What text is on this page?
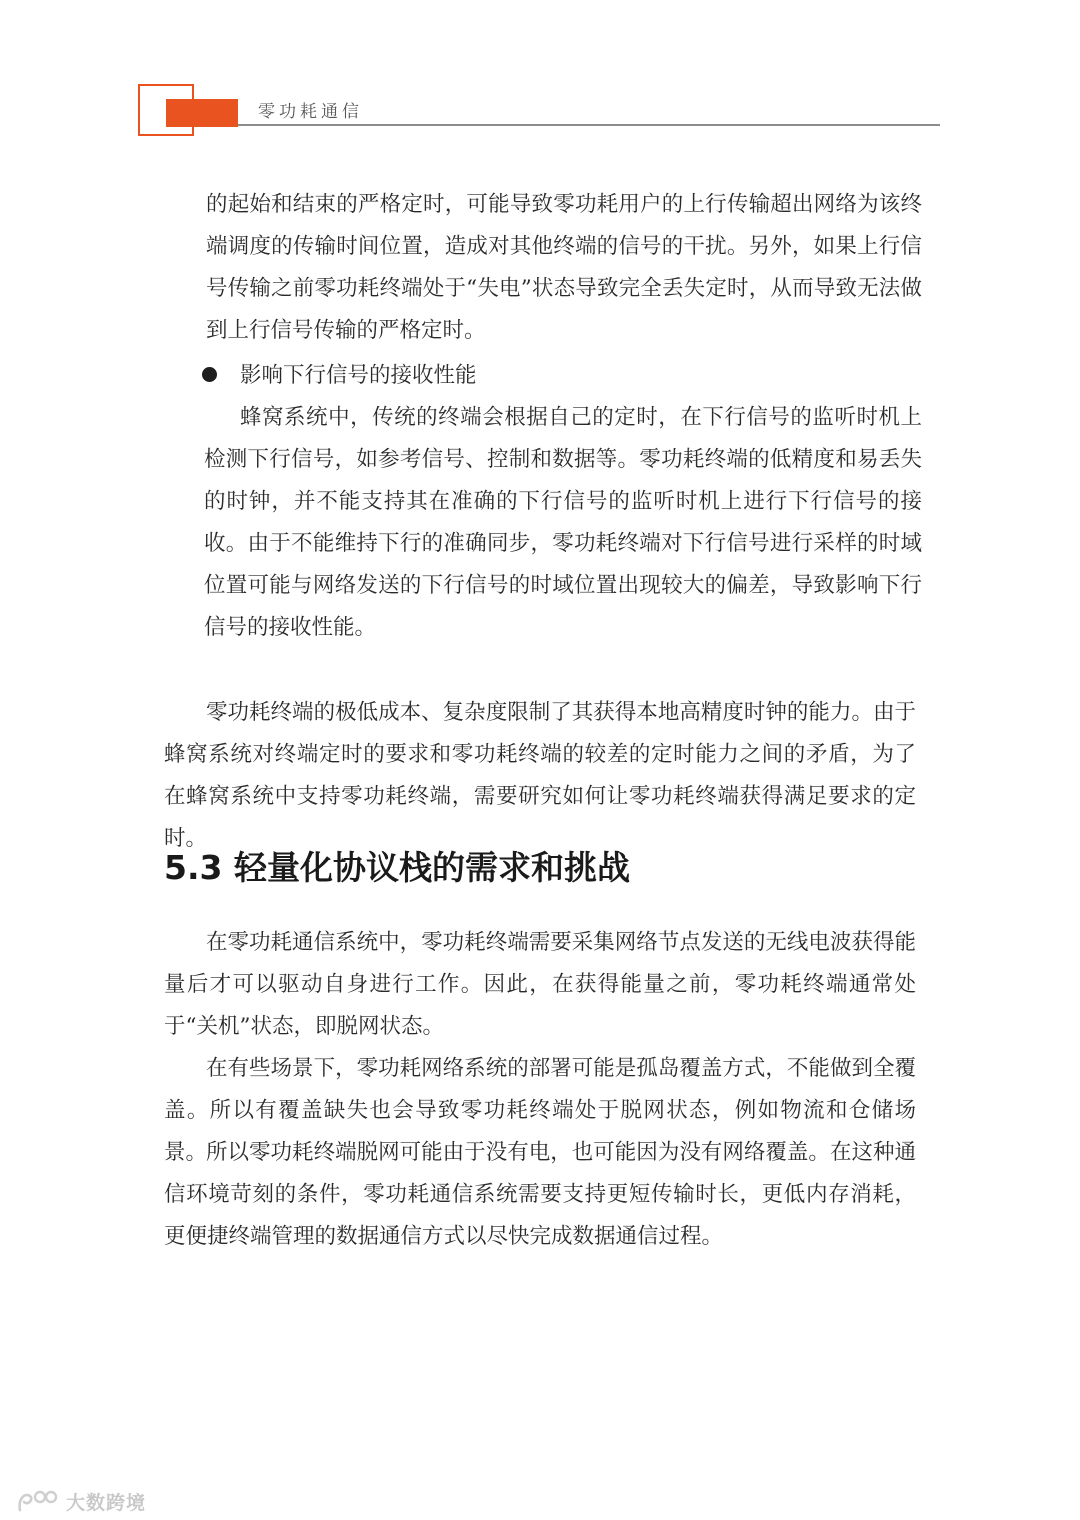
零功耗通信

的起始和结束的严格定时，可能导致零功耗用户的上行传输超出网络为该终端调度的传输时间位置，造成对其他终端的信号的干扰。另外，如果上行信号传输之前零功耗终端处于“失电”状态导致完全丢失定时，从而导致无法做到上行信号传输的严格定时。

影响下行信号的接收性能

蜂窝系统中，传统的终端会根据自己的定时，在下行信号的监听时机上检测下行信号，如参考信号、控制和数据等。零功耗终端的低精度和易丢失的时钟，并不能支持其在准确的下行信号的监听时机上进行下行信号的接收。由于不能维持下行的准确同步，零功耗终端对下行信号进行采样的时域位置可能与网络发送的下行信号的时域位置出现较大的偏差，导致影响下行信号的接收性能。

零功耗终端的极低成本、复杂度限制了其获得本地高精度时钟的能力。由于蜂窝系统对终端定时的要求和零功耗终端的较差的定时能力之间的矛盾，为了在蜂窝系统中支持零功耗终端，需要研究如何让零功耗终端获得满足要求的定时。

5.3 轻量化协议栈的需求和挑战

在零功耗通信系统中，零功耗终端需要采集网络节点发送的无线电波获得能量后才可以驱动自身进行工作。因此，在获得能量之前，零功耗终端通常处于“关机”状态，即脱网状态。

在有些场景下，零功耗网络系统的部署可能是孤岛覆盖方式，不能做到全覆盖。所以有覆盖缺失也会导致零功耗终端处于脱网状态，例如物流和仓储场景。

所以零功耗终端脱网可能由于没有电，也可能因为没有网络覆盖。在这种通信环境苛刻的条件，零功耗通信系统需要支持更短传输时长，更低内存消耗，更便捷终端管理的数据通信方式以尽快完成数据通信过程。

大数跨境
